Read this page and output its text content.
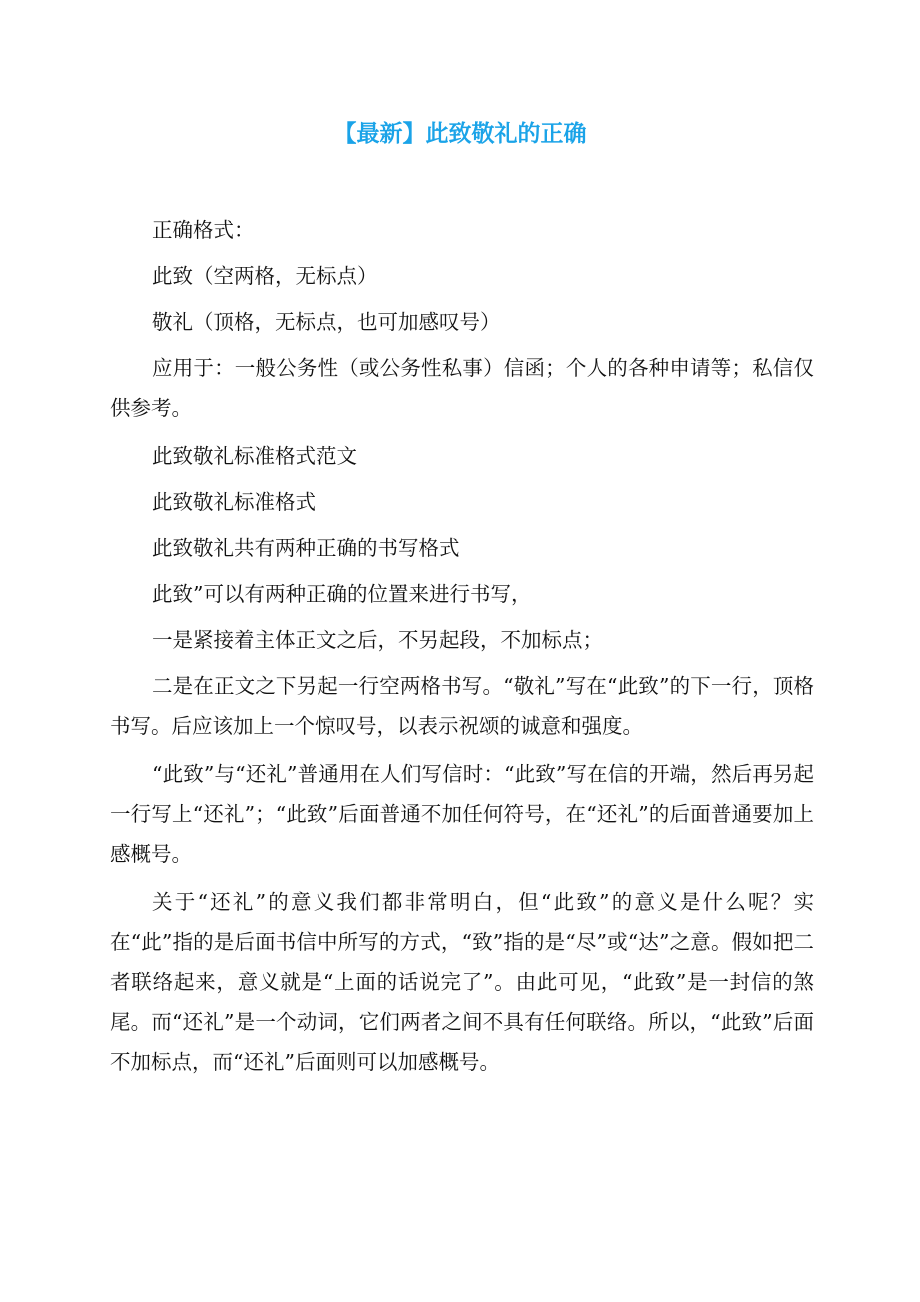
【最新】此致敬礼的正确

正确格式：

此致（空两格，无标点）

敬礼（顶格，无标点，也可加感叹号）

应用于：一般公务性（或公务性私事）信函；个人的各种申请等；私信仅供参考。

此致敬礼标准格式范文

此致敬礼标准格式

此致敬礼共有两种正确的书写格式

此致”可以有两种正确的位置来进行书写，

一是紧接着主体正文之后，不另起段，不加标点；

二是在正文之下另起一行空两格书写。“敬礼”写在“此致”的下一行，顶格书写。后应该加上一个惊叹号，以表示祝颂的诚意和强度。

“此致”与“还礼”普通用在人们写信时：“此致”写在信的开端，然后再另起一行写上“还礼”；“此致”后面普通不加任何符号，在“还礼”的后面普通要加上感概号。

关于“还礼”的意义我们都非常明白，但“此致”的意义是什么呢？实在“此”指的是后面书信中所写的方式，“致”指的是“尽”或“达”之意。假如把二者联络起来，意义就是“上面的话说完了”。由此可见，“此致”是一封信的煞尾。而“还礼”是一个动词，它们两者之间不具有任何联络。所以，“此致”后面不加标点，而“还礼”后面则可以加感概号。
